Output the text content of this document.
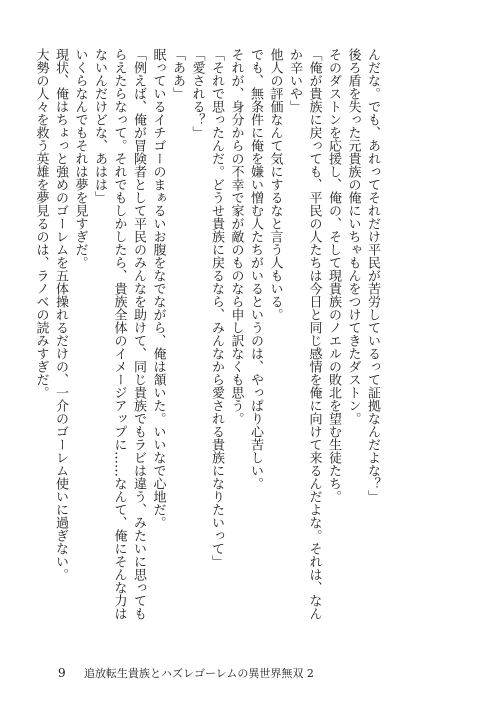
んだな。でも、あれってそれだけ平民が苦労しているって証拠なんだよな？」
後ろ盾を失った元貴族の俺にいちゃもんをつけてきたダストン。
そのダストンを応援し、俺の、そして現貴族のノエルの敗北を望む生徒たち。
「俺が貴族に戻っても、平民の人たちは今日と同じ感情を俺に向けて来るんだよな。それは、なん
か辛いや」
他人の評価なんて気にするなと言う人もいる。
でも、無条件に俺を嫌い憎む人たちがいるというのは、やっぱり心苦しい。
それが、身分からの不幸で家が敵のものなら申し訳なくも思う。
「それで思ったんだ。どうせ貴族に戻るなら、みんなから愛される貴族になりたいって」
「愛される？」
「ああ」
眠っているイチゴーのまぁるいお腹をなでながら、俺は頷いた。いいなで心地だ。
「例えば、俺が冒険者として平民のみんなを助けて、同じ貴族でもラビは違う、みたいに思っても
らえたらなって。それでもしかしたら、貴族全体のイメージアップに……なんて、俺にそんな力は
ないんだけどな、あはは」
いくらなんでもそれは夢を見すぎだ。
現状、俺はちょっと強めのゴーレムを五体操れるだけの、一介のゴーレム使いに過ぎない。
大勢の人々を救う英雄を夢見るのは、ラノベの読みすぎだ。
9	追放転生貴族とハズレゴーレムの異世界無双 2
